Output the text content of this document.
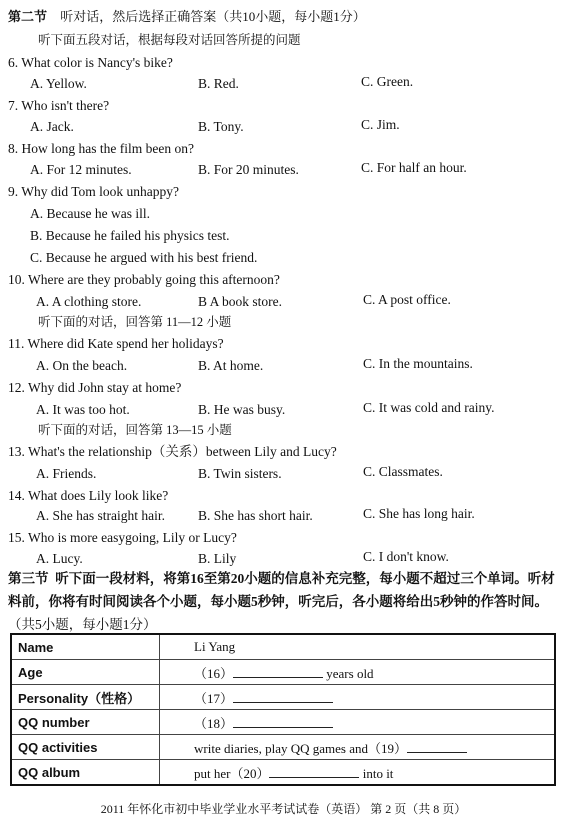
第二节 听对话，然后选择正确答案（共10小题，每小题1分）
听下面五段对话，根据每段对话回答所提的问题
6. What color is Nancy's bike?
A. Yellow.	B. Red.	C. Green.
7. Who isn't there?
A. Jack.	B. Tony.	C. Jim.
8. How long has the film been on?
A. For 12 minutes.	B. For 20 minutes.	C. For half an hour.
9. Why did Tom look unhappy?
A. Because he was ill.
B. Because he failed his physics test.
C. Because he argued with his best friend.
10. Where are they probably going this afternoon?
A. A clothing store.	B A book store.	C. A post office.
听下面的对话，回答第 11—12 小题
11. Where did Kate spend her holidays?
A. On the beach.	B. At home.	C. In the mountains.
12. Why did John stay at home?
A. It was too hot.	B. He was busy.	C. It was cold and rainy.
听下面的对话，回答第 13—15 小题
13. What's the relationship（关系）between Lily and Lucy?
A. Friends.	B. Twin sisters.	C. Classmates.
14. What does Lily look like?
A. She has straight hair. B. She has short hair.	C. She has long hair.
15. Who is more easygoing, Lily or Lucy?
A. Lucy.	B. Lily	C. I don't know.
第三节 听下面一段材料，将第16至第20小题的信息补充完整，每小题不超过三个单词。听材料前，你将有时间阅读各个小题，每小题5秒钟，听完后，各小题将给出5秒钟的作答时间。（共5小题，每小题1分）
Name	Li Yang
Age	（16） years old
Personality（性格）	（17）
QQ number	（18）
QQ activities	write diaries, play QQ games and（19）
QQ album	put her（20） into it
2011 年怀化市初中毕业学业水平考试试卷（英语） 第 2 页（共 8 页）
